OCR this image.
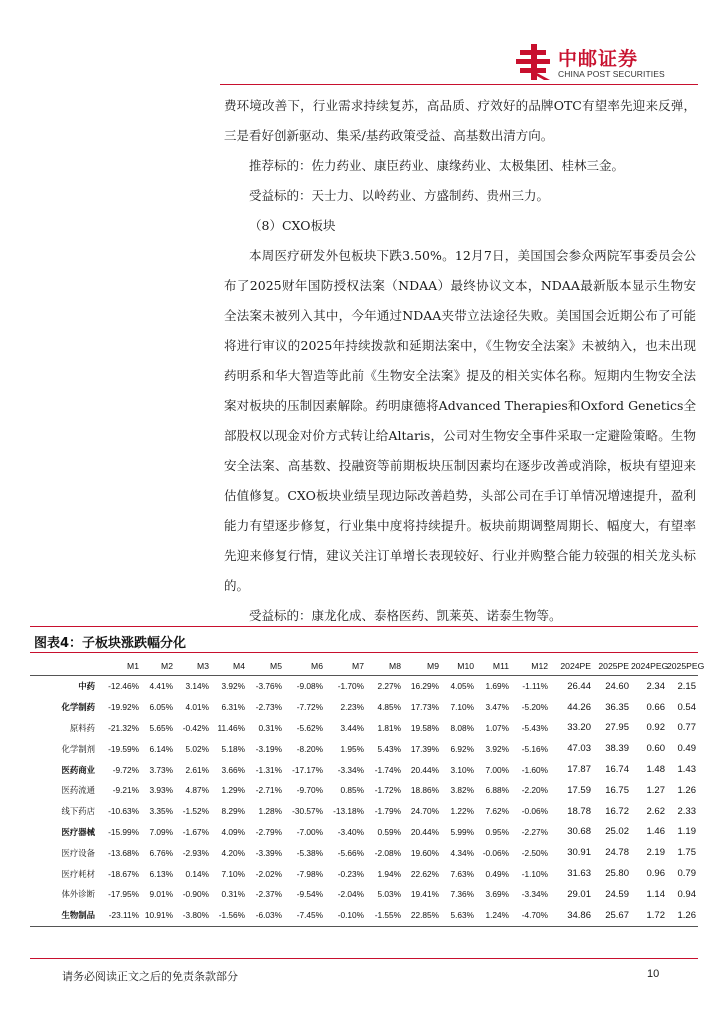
中邮证券
CHINA POST SECURITIES

费环境改善下，行业需求持续复苏，高品质、疗效好的品牌OTC有望率先迎来反弹，三是看好创新驱动、集采/基药政策受益、高基数出清方向。

推荐标的：佐力药业、康臣药业、康缘药业、太极集团、桂林三金。

受益标的：天士力、以岭药业、方盛制药、贵州三力。

（8）CXO板块

本周医疗研发外包板块下跌3.50%。12月7日，美国国会参众两院军事委员会公布了2025财年国防授权法案（NDAA）最终协议文本，NDAA最新版本显示生物安全法案未被列入其中，今年通过NDAA夹带立法途径失败。美国国会近期公布了可能将进行审议的2025年持续拨款和延期法案中，《生物安全法案》未被纳入，也未出现药明系和华大智造等此前《生物安全法案》提及的相关实体名称。短期内生物安全法案对板块的压制因素解除。药明康德将Advanced Therapies和Oxford Genetics全部股权以现金对价方式转让给Altaris，公司对生物安全事件采取一定避险策略。生物安全法案、高基数、投融资等前期板块压制因素均在逐步改善或消除，板块有望迎来估值修复。CXO板块业绩呈现边际改善趋势，头部公司在手订单情况增速提升，盈利能力有望逐步修复，行业集中度将持续提升。板块前期调整周期长、幅度大，有望率先迎来修复行情，建议关注订单增长表现较好、行业并购整合能力较强的相关龙头标的。

受益标的：康龙化成、泰格医药、凯莱英、诺泰生物等。

图表4：子板块涨跌幅分化
	M1	M2	M3	M4	M5	M6	M7	M8	M9	M10	M11	M12	2024PE	2025PE	2024PEG	2025PEG
中药	-12.46%	4.41%	3.14%	3.92%	-3.76%	-9.08%	-1.70%	2.27%	16.29%	4.05%	1.69%	-1.11%	26.44	24.60	2.34	2.15
化学制药	-19.92%	6.05%	4.01%	6.31%	-2.73%	-7.72%	2.23%	4.85%	17.73%	7.10%	3.47%	-5.20%	44.26	36.35	0.66	0.54
原料药	-21.32%	5.65%	-0.42%	11.46%	0.31%	-5.62%	3.44%	1.81%	19.58%	8.08%	1.07%	-5.43%	33.20	27.95	0.92	0.77
化学制剂	-19.59%	6.14%	5.02%	5.18%	-3.19%	-8.20%	1.95%	5.43%	17.39%	6.92%	3.92%	-5.16%	47.03	38.39	0.60	0.49
医药商业	-9.72%	3.73%	2.61%	3.66%	-1.31%	-17.17%	-3.34%	-1.74%	20.44%	3.10%	7.00%	-1.60%	17.87	16.74	1.48	1.43
医药流通	-9.21%	3.93%	4.87%	1.29%	-2.71%	-9.70%	0.85%	-1.72%	18.86%	3.82%	6.88%	-2.20%	17.59	16.75	1.27	1.26
线下药店	-10.63%	3.35%	-1.52%	8.29%	1.28%	-30.57%	-13.18%	-1.79%	24.70%	1.22%	7.62%	-0.06%	18.78	16.72	2.62	2.33
医疗器械	-15.99%	7.09%	-1.67%	4.09%	-2.79%	-7.00%	-3.40%	0.59%	20.44%	5.99%	0.95%	-2.27%	30.68	25.02	1.46	1.19
医疗设备	-13.68%	6.76%	-2.93%	4.20%	-3.39%	-5.38%	-5.66%	-2.08%	19.60%	4.34%	-0.06%	-2.50%	30.91	24.78	2.19	1.75
医疗耗材	-18.67%	6.13%	0.14%	7.10%	-2.02%	-7.98%	-0.23%	1.94%	22.62%	7.63%	0.49%	-1.10%	31.63	25.80	0.96	0.79
体外诊断	-17.95%	9.01%	-0.90%	0.31%	-2.37%	-9.54%	-2.04%	5.03%	19.41%	7.36%	3.69%	-3.34%	29.01	24.59	1.14	0.94
生物制品	-23.11%	10.91%	-3.80%	-1.56%	-6.03%	-7.45%	-0.10%	-1.55%	22.85%	5.63%	1.24%	-4.70%	34.86	25.67	1.72	1.26
请务必阅读正文之后的免责条款部分	10
